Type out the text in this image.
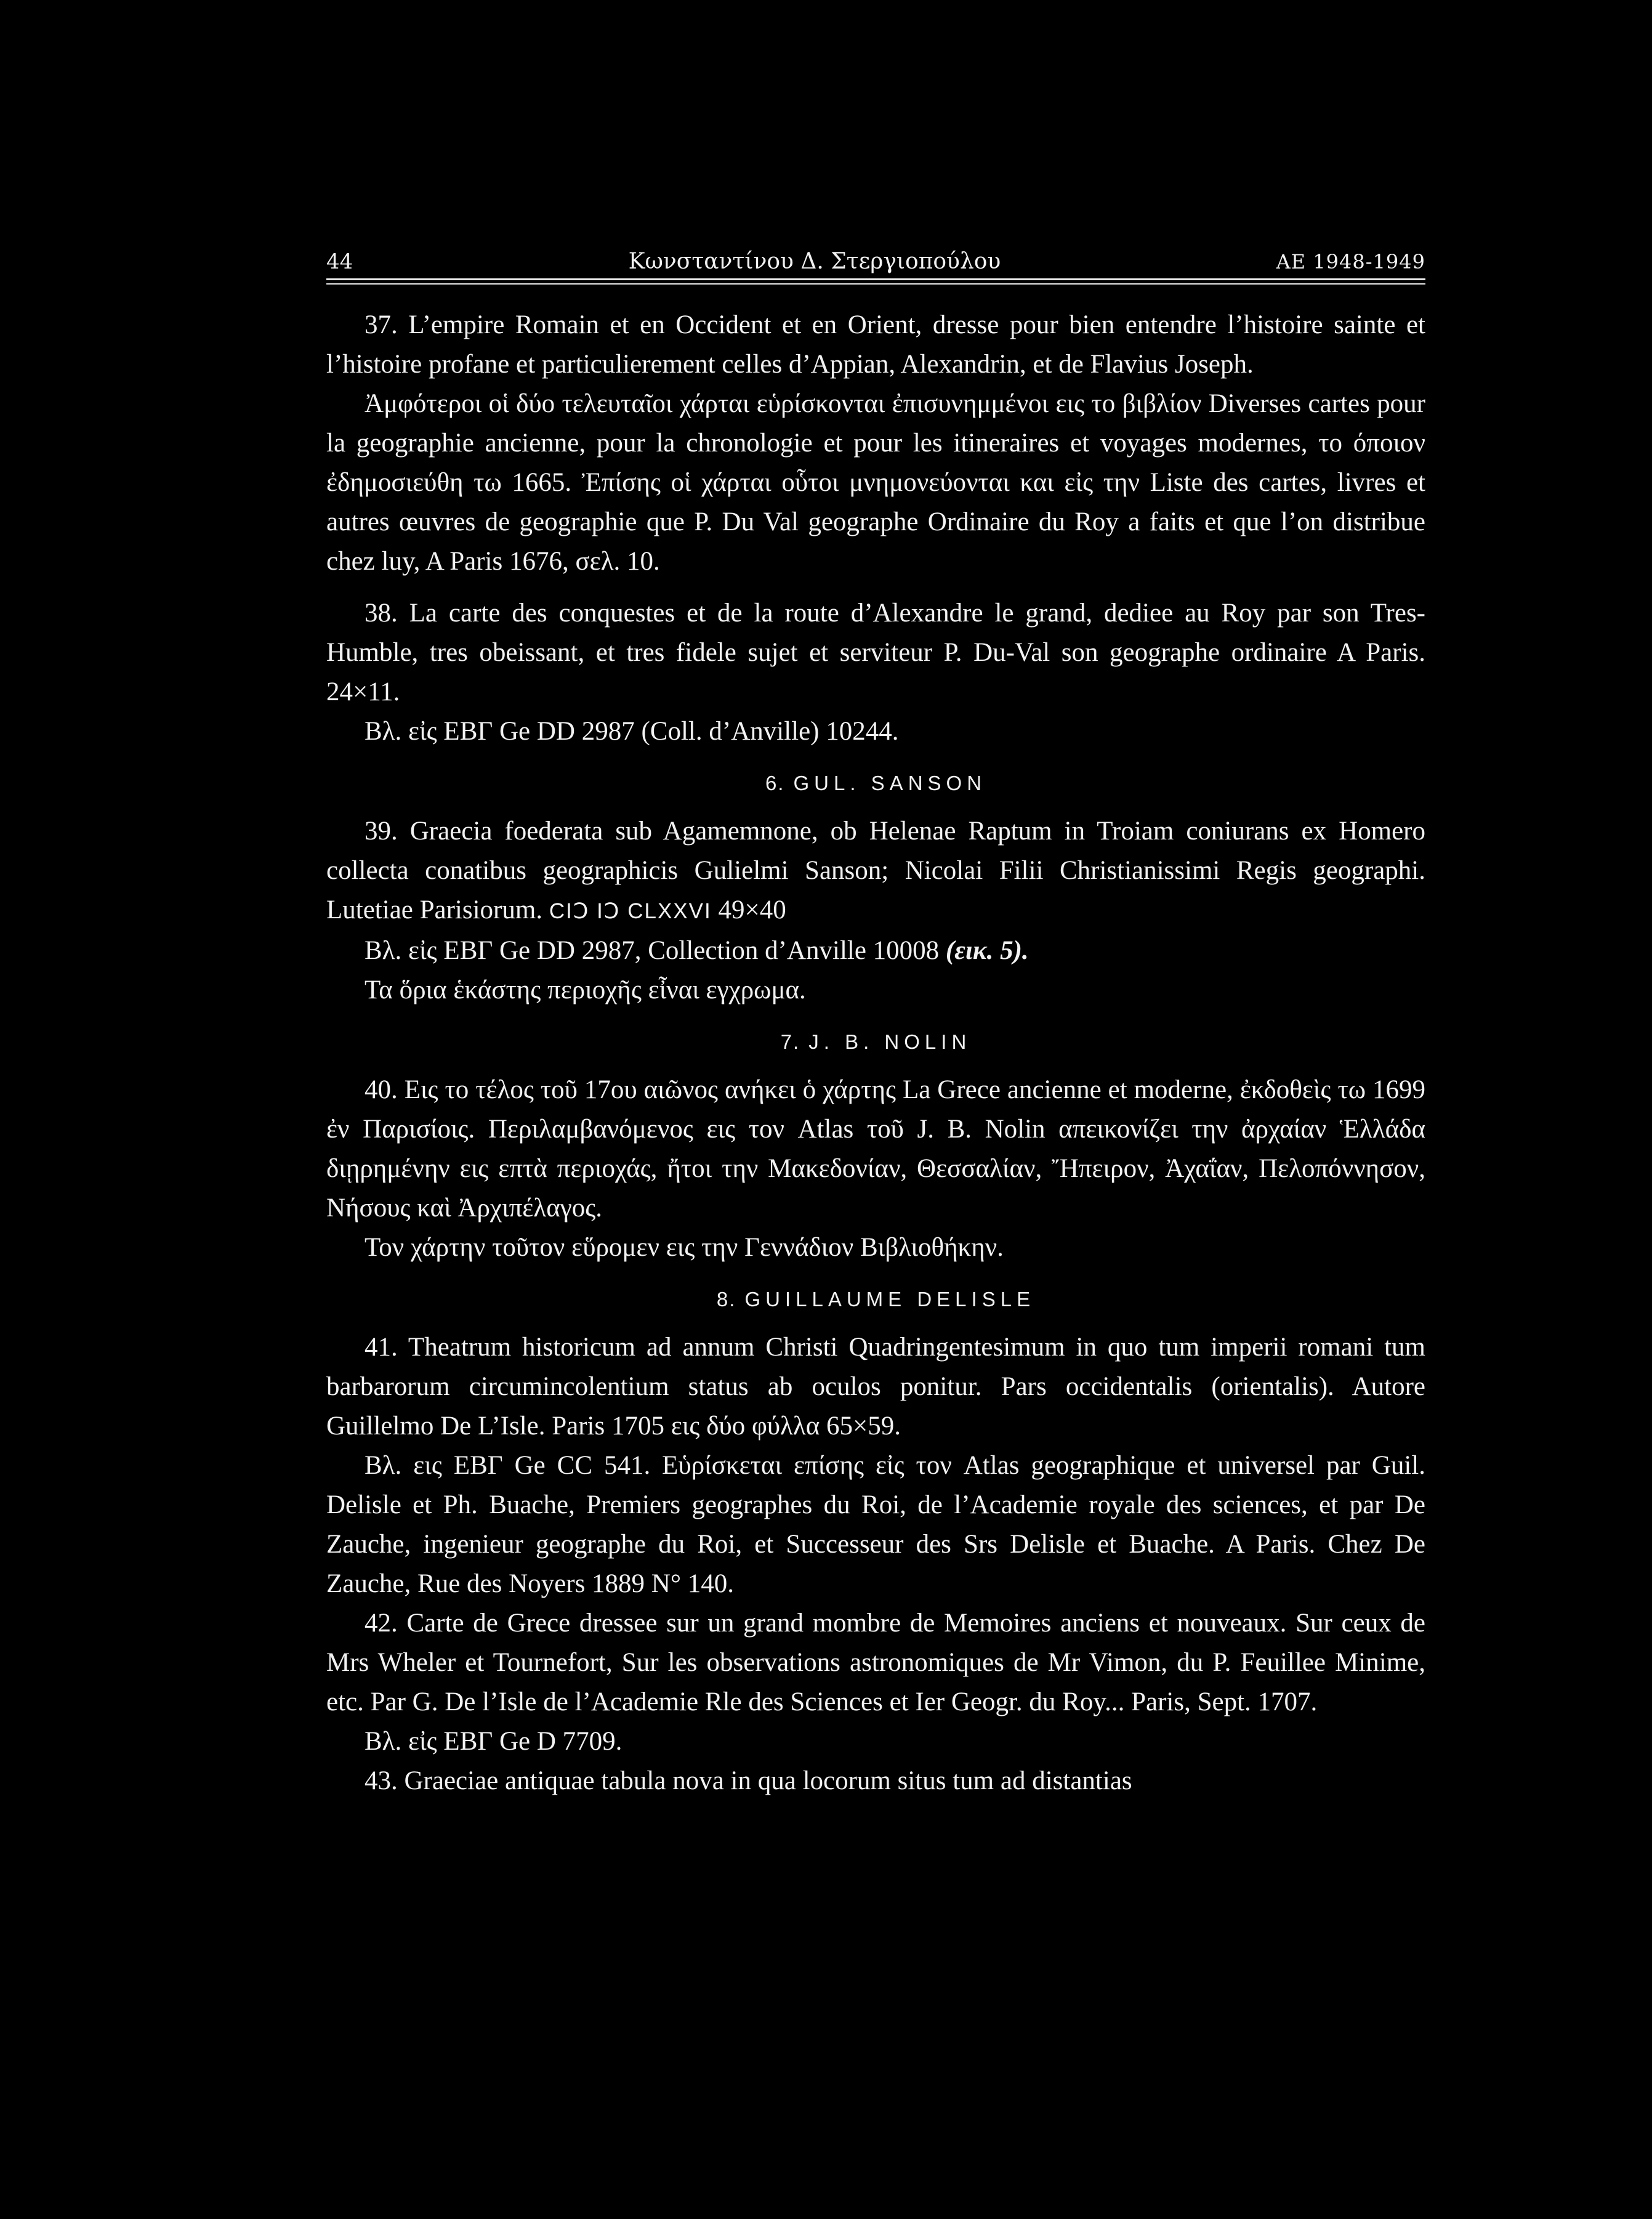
44	Κωνσταντίνου Δ. Στεργιοπούλου	ΑΕ 1948-1949

37. L’empire Romain et en Occident et en Orient, dresse pour bien entendre l’histoire sainte et l’histoire profane et particulierement celles d’Appian, Alexandrin, et de Flavius Joseph.

Ἀμφότεροι οἱ δύο τελευταῖοι χάρται εὑρίσκονται ἐπισυνημμένοι εις το βιβλίον Diverses cartes pour la geographie ancienne, pour la chronologie et pour les itineraires et voyages modernes, το όποιον ἐδημοσιεύθη τω 1665. Ἐπίσης οἱ χάρται οὗτοι μνημονεύονται και εἰς την Liste des cartes, livres et autres œuvres de geographie que P. Du Val geographe Ordinaire du Roy a faits et que l’on distribue chez luy, A Paris 1676, σελ. 10.

38. La carte des conquestes et de la route d’Alexandre le grand, dediee au Roy par son Tres-Humble, tres obeissant, et tres fidele sujet et serviteur P. Du-Val son geographe ordinaire A Paris. 24×11.

Βλ. εἰς ΕΒΓ Ge DD 2987 (Coll. d’Anville) 10244.

6. GUL. SANSON

39. Graecia foederata sub Agamemnone, ob Helenae Raptum in Troiam coniurans ex Homero collecta conatibus geographicis Gulielmi Sanson; Nicolai Filii Christianissimi Regis geographi. Lutetiae Parisiorum. CIↃ IↃ CLXXVI 49×40

Βλ. εἰς ΕΒΓ Ge DD 2987, Collection d’Anville 10008 (εικ. 5).

Τα ὅρια ἑκάστης περιοχῆς εἶναι εγχρωμα.

7. J. B. NOLIN

40. Εις το τέλος τοῦ 17ου αιῶνος ανήκει ὁ χάρτης La Grece ancienne et moderne, ἐκδοθεὶς τω 1699 ἐν Παρισίοις. Περιλαμβανόμενος εις τον Atlas τοῦ J. B. Nolin απεικονίζει την ἀρχαίαν Ἑλλάδα διῃρημένην εις επτὰ περιοχάς, ἤτοι την Μακεδονίαν, Θεσσαλίαν, Ἤπειρον, Ἀχαΐαν, Πελοπόννησον, Νήσους καὶ Ἀρχιπέλαγος.

Τον χάρτην τοῦτον εὕρομεν εις την Γεννάδιον Βιβλιοθήκην.

8. GUILLAUME DELISLE

41. Theatrum historicum ad annum Christi Quadringentesimum in quo tum imperii romani tum barbarorum circumincolentium status ab oculos ponitur. Pars occidentalis (orientalis). Autore Guillelmo De L’Isle. Paris 1705 εις δύο φύλλα 65×59.

Βλ. εις ΕΒΓ Ge CC 541. Εὑρίσκεται επίσης εἰς τον Atlas geographique et universel par Guil. Delisle et Ph. Buache, Premiers geographes du Roi, de l’Academie royale des sciences, et par De Zauche, ingenieur geographe du Roi, et Successeur des Srs Delisle et Buache. A Paris. Chez De Zauche, Rue des Noyers 1889 N° 140.

42. Carte de Grece dressee sur un grand mombre de Memoires anciens et nouveaux. Sur ceux de Mrs Wheler et Tournefort, Sur les observations astronomiques de Mr Vimon, du P. Feuillee Minime, etc. Par G. De l’Isle de l’Academie Rle des Sciences et Ier Geogr. du Roy... Paris, Sept. 1707.

Βλ. εἰς ΕΒΓ Ge D 7709.

43. Graeciae antiquae tabula nova in qua locorum situs tum ad distantias
